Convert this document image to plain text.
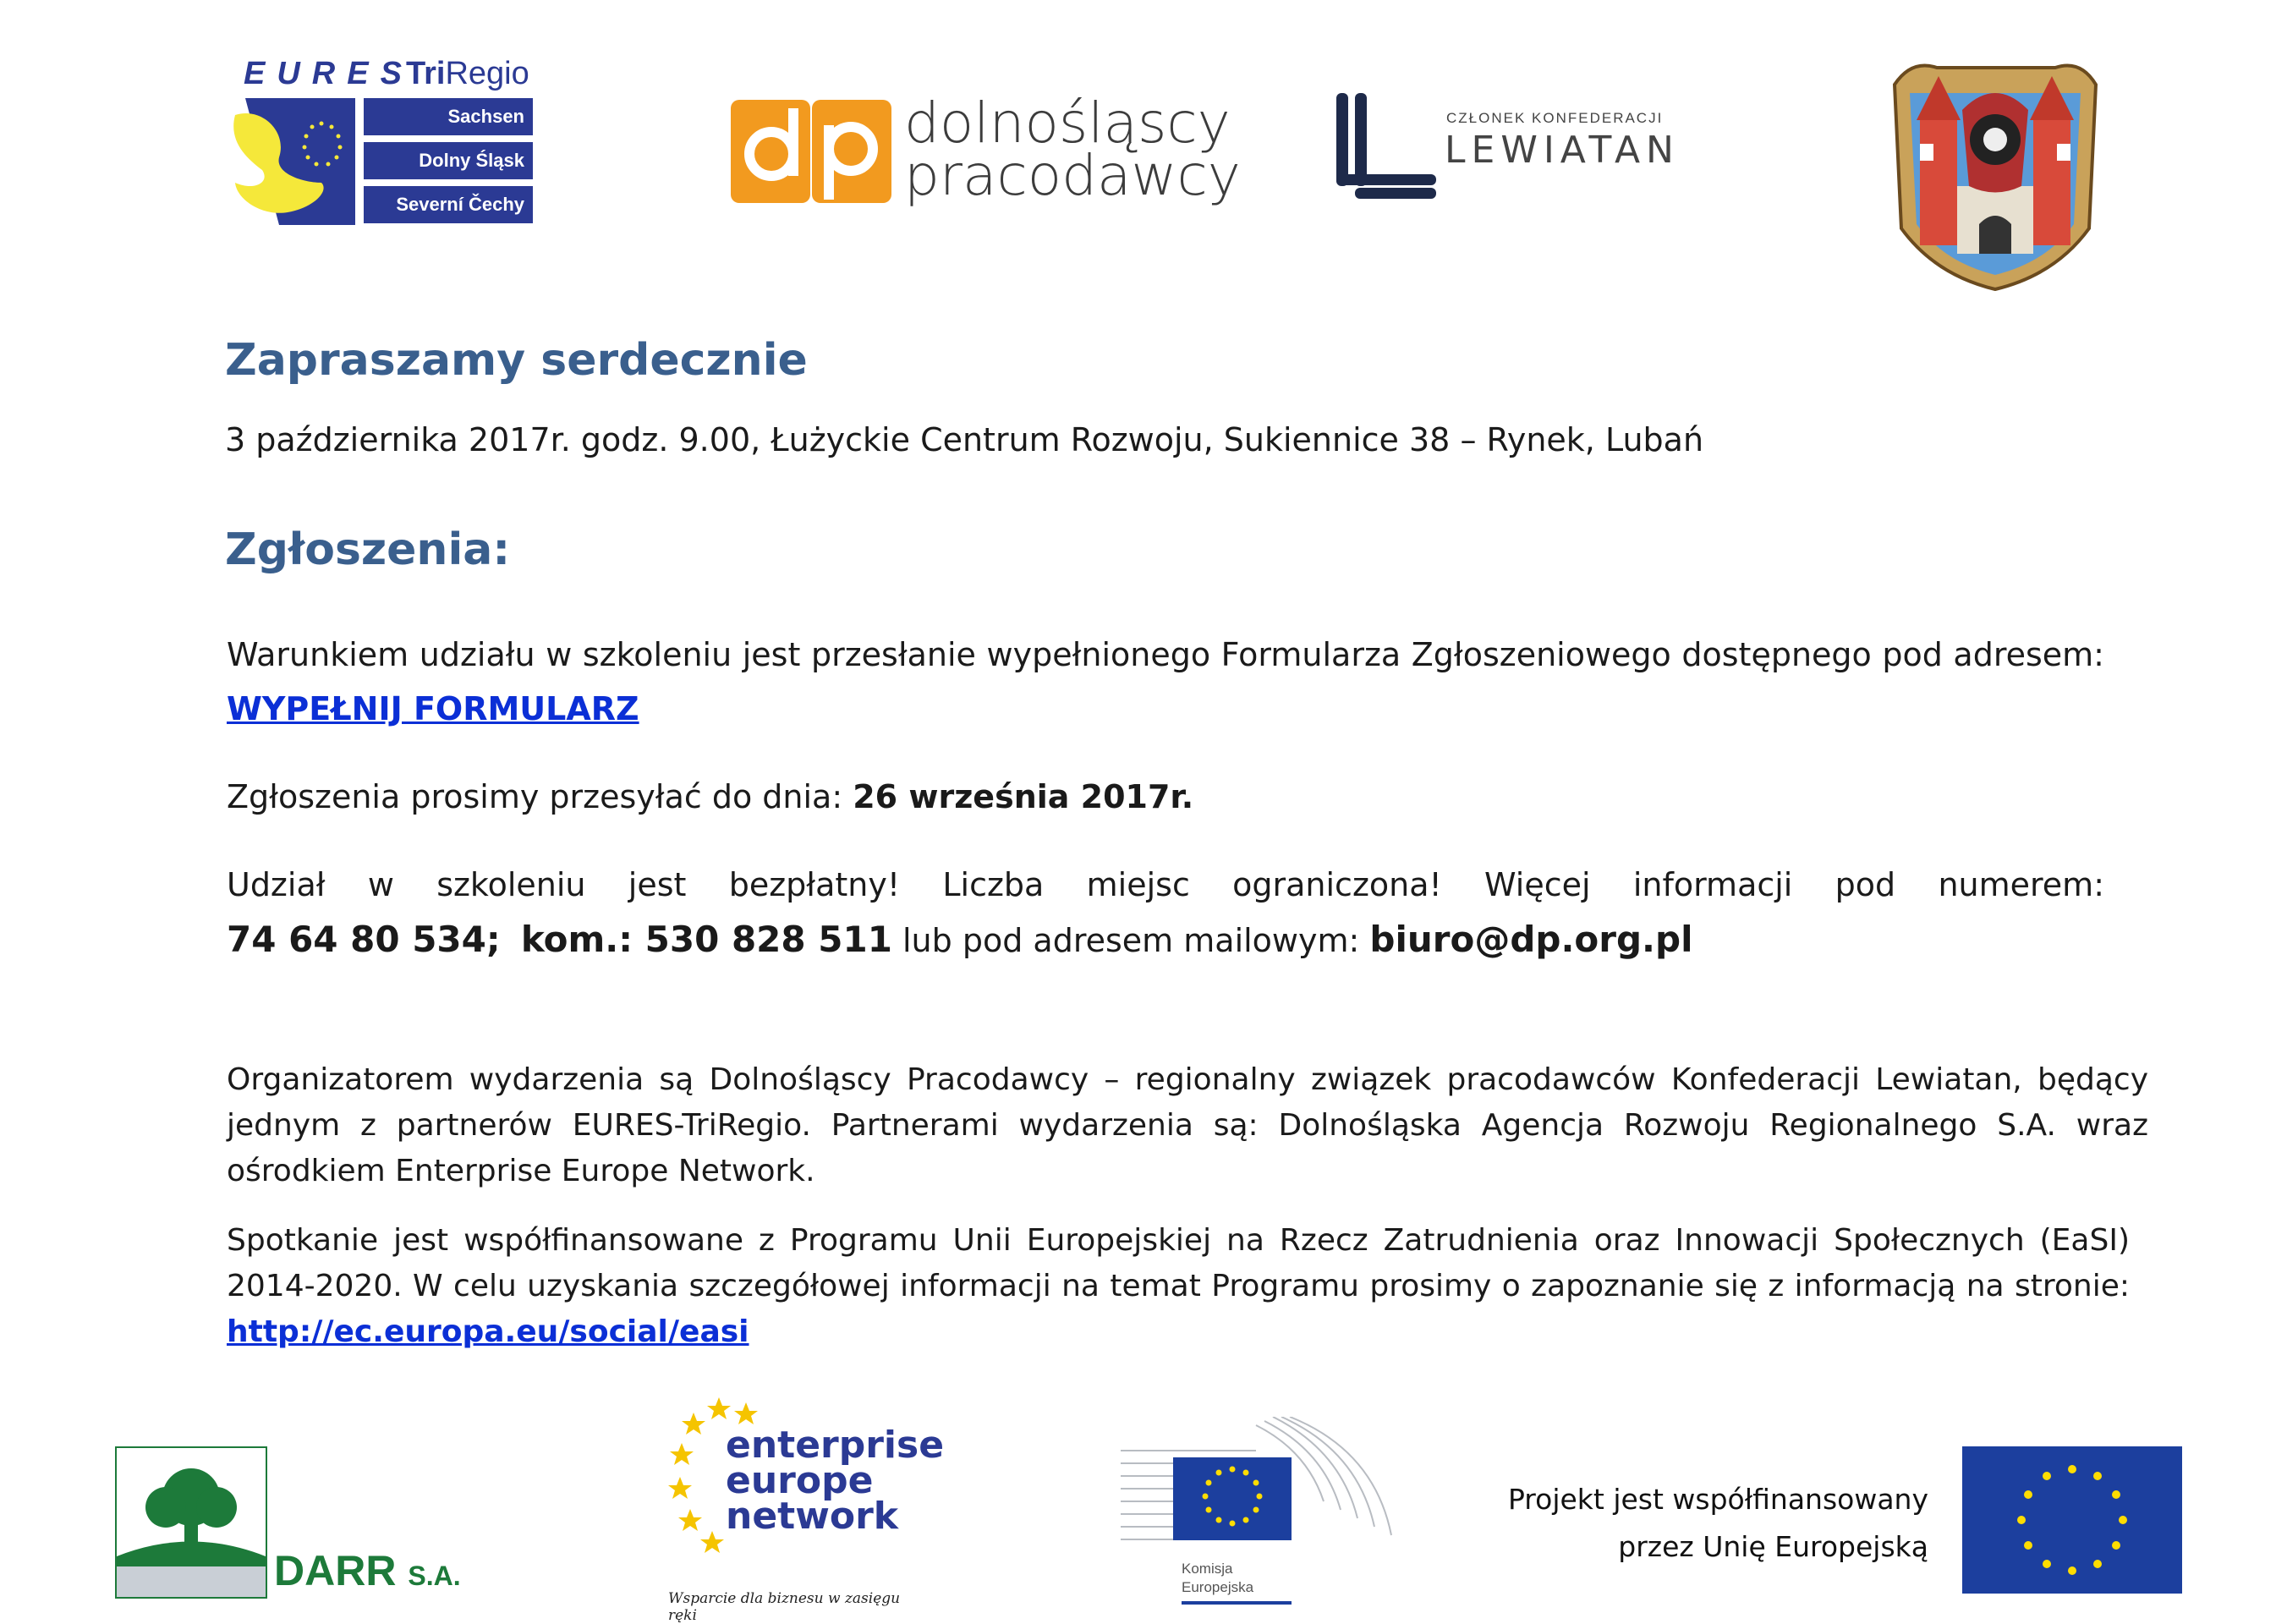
EURES
TriRegio
Sachsen
Dolny Śląsk
Severní Čechy
dolnośląscy
pracodawcy
CZŁONEK KONFEDERACJI
LEWIATAN
Zapraszamy serdecznie
3 października 2017r. godz. 9.00, Łużyckie Centrum Rozwoju, Sukiennice 38 – Rynek, Lubań
Zgłoszenia:
Warunkiem udziału w szkoleniu jest przesłanie wypełnionego Formularza Zgłoszeniowego dostępnego pod adresem: WYPEŁNIJ FORMULARZ
Zgłoszenia prosimy przesyłać do dnia: 26 września 2017r.
Udział w szkoleniu jest bezpłatny! Liczba miejsc ograniczona! Więcej informacji pod numerem:
74 64 80 534; kom.: 530 828 511 lub pod adresem mailowym: biuro@dp.org.pl
Organizatorem wydarzenia są Dolnośląscy Pracodawcy – regionalny związek pracodawców Konfederacji Lewiatan, będący jednym z partnerów EURES-TriRegio. Partnerami wydarzenia są: Dolnośląska Agencja Rozwoju Regionalnego S.A. wraz ośrodkiem Enterprise Europe Network.
Spotkanie jest współfinansowane z Programu Unii Europejskiej na Rzecz Zatrudnienia oraz Innowacji Społecznych (EaSI) 2014-2020. W celu uzyskania szczegółowej informacji na temat Programu prosimy o zapoznanie się z informacją na stronie: http://ec.europa.eu/social/easi
DARR S.A.
enterprise
europe
network
Wsparcie dla biznesu w zasięgu ręki
Komisja
Europejska
Projekt jest współfinansowany
przez Unię Europejską
